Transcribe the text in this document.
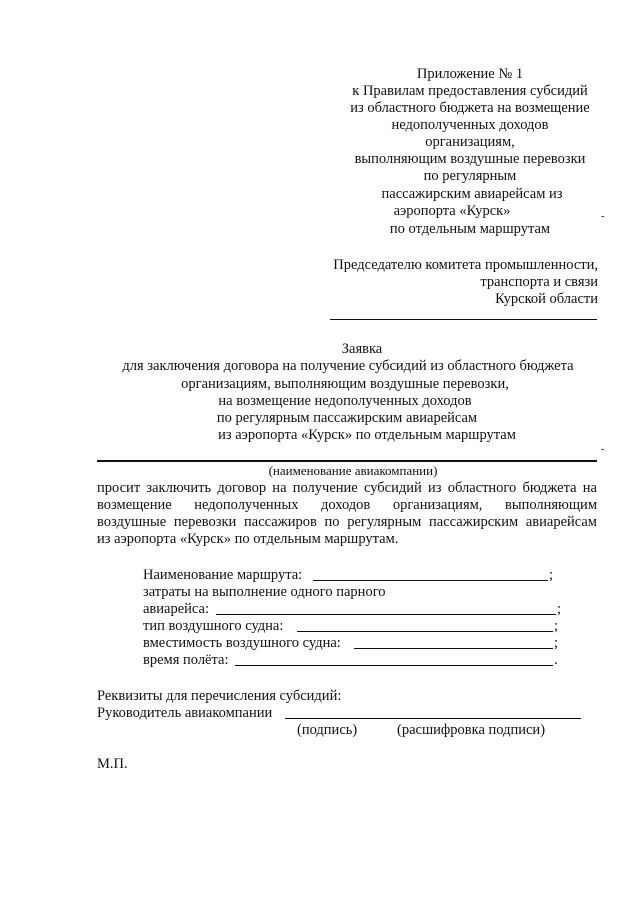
Приложение № 1
к Правилам предоставления субсидий
из областного бюджета на возмещение
недополученных доходов
организациям,
выполняющим воздушные перевозки
по регулярным
пассажирским авиарейсам из
аэропорта «Курск»	-
по отдельным маршрутам
Председателю комитета промышленности,
транспорта и связи
Курской области
Заявка
для заключения договора на получение субсидий из областного бюджета
организациям, выполняющим воздушные перевозки,
на возмещение недополученных доходов
по регулярным пассажирским авиарейсам
из аэропорта «Курск» по отдельным маршрутам
-
(наименование авиакомпании)
просит заключить договор на получение субсидий из областного бюджета на
возмещение недополученных доходов организациям, выполняющим
воздушные перевозки пассажиров по регулярным пассажирским авиарейсам
из аэропорта «Курск» по отдельным маршрутам.
Наименование маршрута:	;
затраты на выполнение одного парного
авиарейса:	;
тип воздушного судна:	;
вместимость воздушного судна:	;
время полёта:	.
Реквизиты для перечисления субсидий:
Руководитель авиакомпании
(подпись)	(расшифровка подписи)
М.П.
